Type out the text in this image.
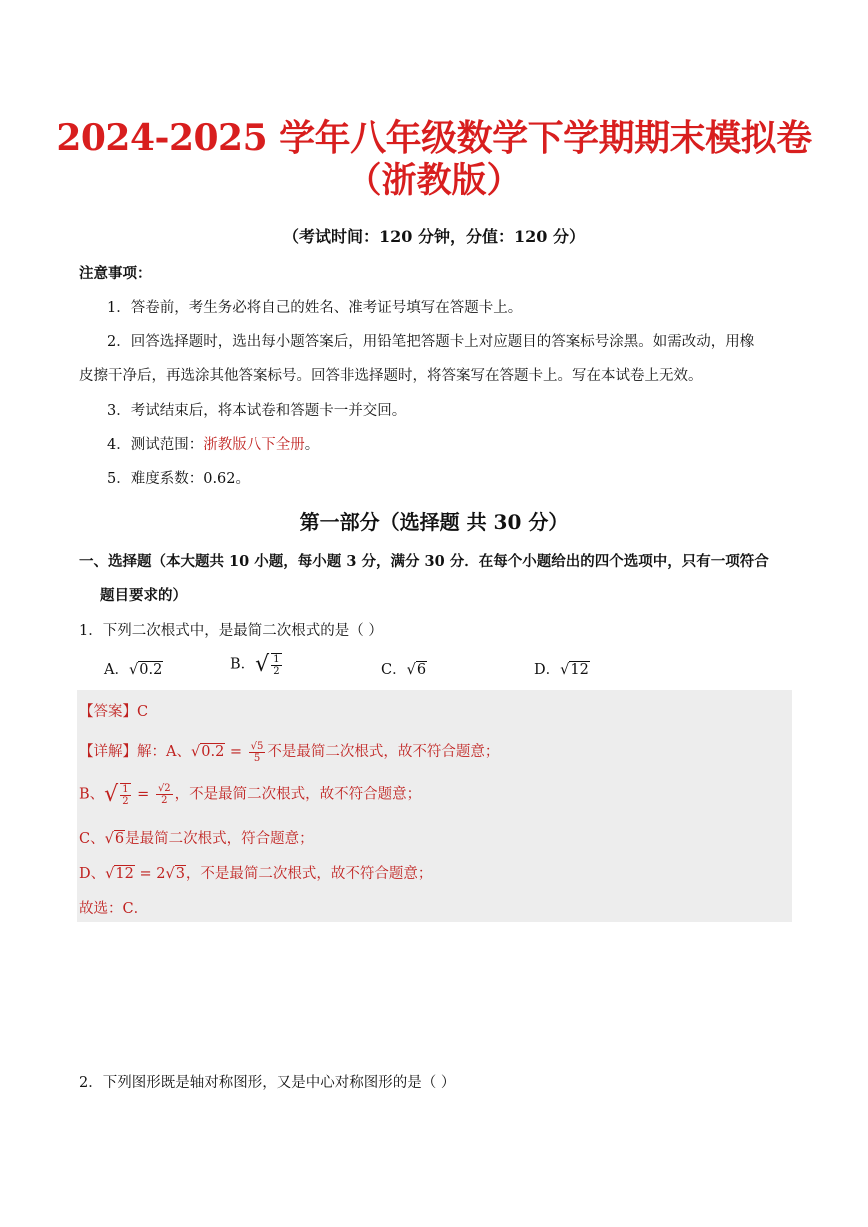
2024-2025 学年八年级数学下学期期末模拟卷
（浙教版）
（考试时间：120 分钟，分值：120 分）
注意事项：
1．答卷前，考生务必将自己的姓名、准考证号填写在答题卡上。
2．回答选择题时，选出每小题答案后，用铅笔把答题卡上对应题目的答案标号涂黑。如需改动，用橡
皮擦干净后，再选涂其他答案标号。回答非选择题时，将答案写在答题卡上。写在本试卷上无效。
3．考试结束后，将本试卷和答题卡一并交回。
4．测试范围：浙教版八下全册。
5．难度系数：0.62。
第一部分（选择题 共 30 分）
一、选择题（本大题共 10 小题，每小题 3 分，满分 30 分．在每个小题给出的四个选项中，只有一项符合
题目要求的）
1．下列二次根式中，是最简二次根式的是（ ）
A．√0.2	B．√ $\frac{1}{2}$	C．√6	D．√12
【答案】C
【详解】解：A、$√0.2 = \frac{√5}{5}$ 不是最简二次根式，故不符合题意；
B、√ $\frac{1}{2} = \frac{√2}{2}$ ，不是最简二次根式，故不符合题意；
C、√6是最简二次根式，符合题意；
D、√12 = 2√3，不是最简二次根式，故不符合题意；
故选：C．
2．下列图形既是轴对称图形，又是中心对称图形的是（ ）
